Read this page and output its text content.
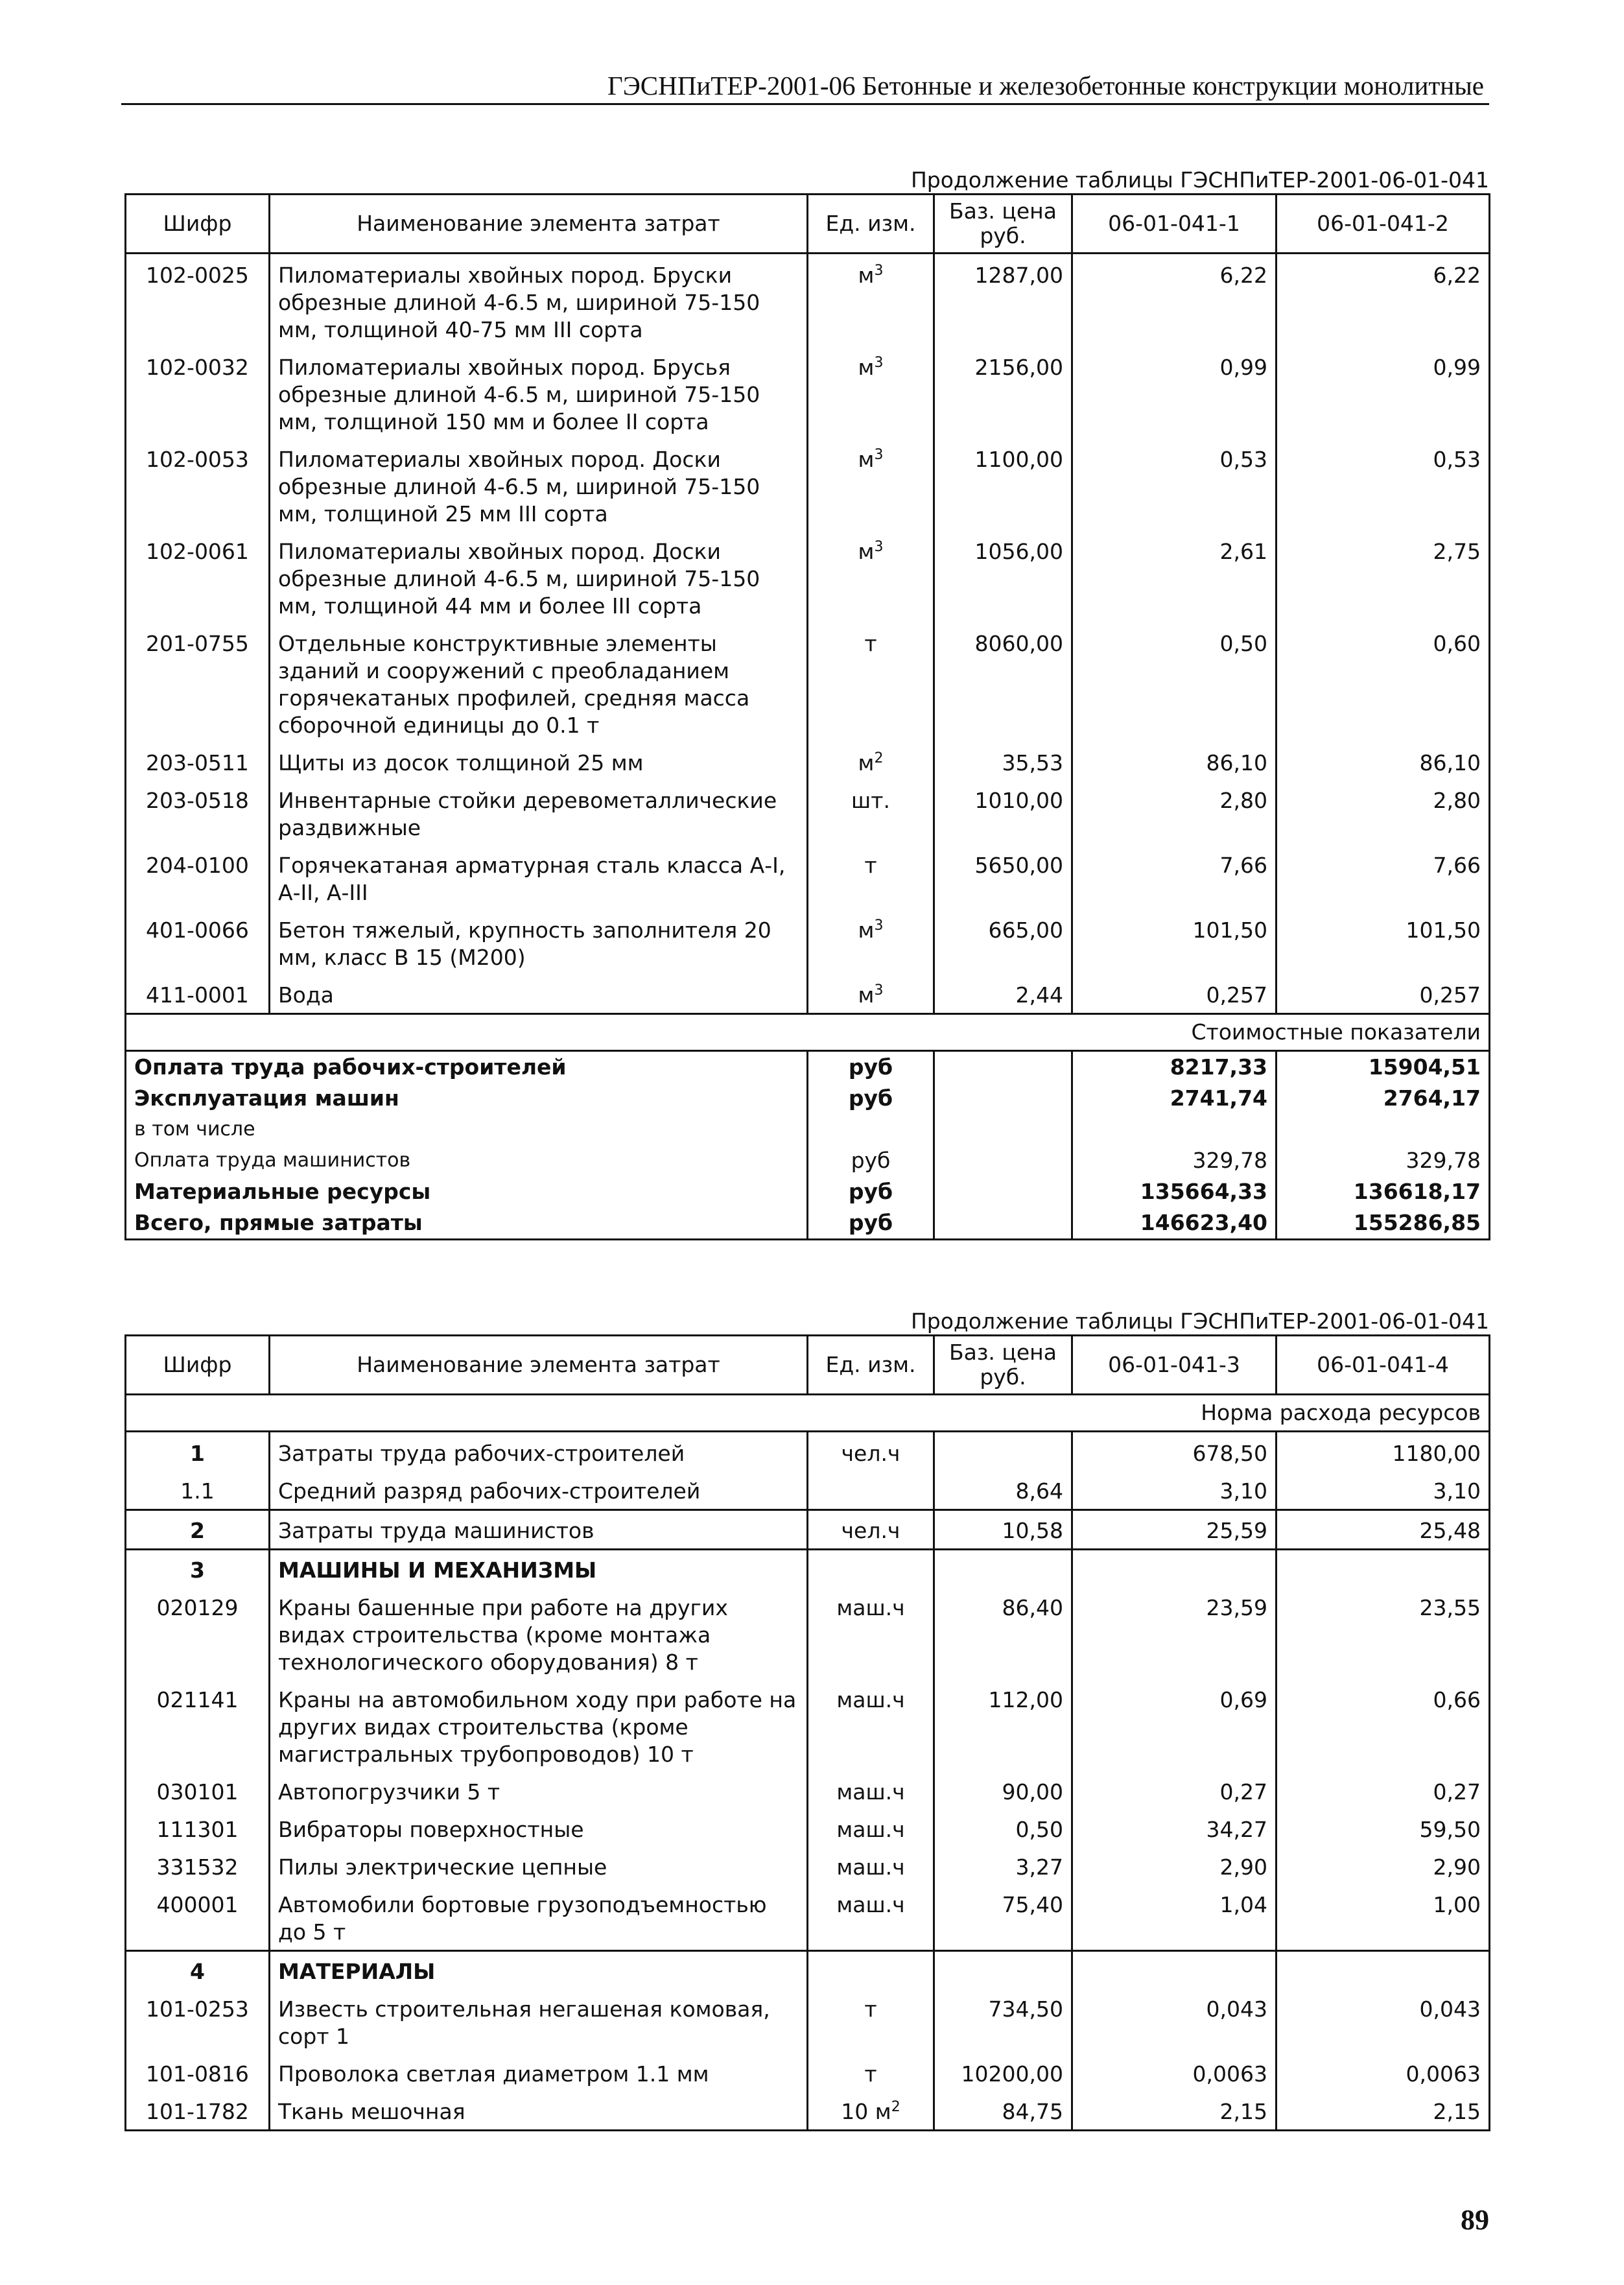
ГЭСНПиТЕР-2001-06 Бетонные и железобетонные конструкции монолитные
Продолжение таблицы ГЭСНПиТЕР-2001-06-01-041
Шифр	Наименование элемента затрат	Ед. изм.	Баз. цена руб.	06-01-041-1	06-01-041-2
102-0025	Пиломатериалы хвойных пород. Бруски обрезные длиной 4-6.5 м, шириной 75-150 мм, толщиной 40-75 мм III сорта	$м^3$	1287,00	6,22	6,22
102-0032	Пиломатериалы хвойных пород. Брусья обрезные длиной 4-6.5 м, шириной 75-150 мм, толщиной 150 мм и более II сорта	$м^3$	2156,00	0,99	0,99
102-0053	Пиломатериалы хвойных пород. Доски обрезные длиной 4-6.5 м, шириной 75-150 мм, толщиной 25 мм III сорта	$м^3$	1100,00	0,53	0,53
102-0061	Пиломатериалы хвойных пород. Доски обрезные длиной 4-6.5 м, шириной 75-150 мм, толщиной 44 мм и более III сорта	$м^3$	1056,00	2,61	2,75
201-0755	Отдельные конструктивные элементы зданий и сооружений с преобладанием горячекатаных профилей, средняя масса сборочной единицы до 0.1 т	т	8060,00	0,50	0,60
203-0511	Щиты из досок толщиной 25 мм	$м^2$	35,53	86,10	86,10
203-0518	Инвентарные стойки деревометаллические раздвижные	шт.	1010,00	2,80	2,80
204-0100	Горячекатаная арматурная сталь класса А-I, А-II, А-III	т	5650,00	7,66	7,66
401-0066	Бетон тяжелый, крупность заполнителя 20 мм, класс В 15 (М200)	$м^3$	665,00	101,50	101,50
411-0001	Вода	$м^3$	2,44	0,257	0,257
Стоимостные показатели					
Оплата труда рабочих-строителей		руб		8217,33	15904,51
Эксплуатация машин		руб		2741,74	2764,17
в том числе					
Оплата труда машинистов		руб		329,78	329,78
Материальные ресурсы		руб		135664,33	136618,17
Всего, прямые затраты		руб		146623,40	155286,85
Продолжение таблицы ГЭСНПиТЕР-2001-06-01-041
Шифр	Наименование элемента затрат	Ед. изм.	Баз. цена руб.	06-01-041-3	06-01-041-4
Норма расхода ресурсов					
1	Затраты труда рабочих-строителей	чел.ч		678,50	1180,00
1.1	Средний разряд рабочих-строителей		8,64	3,10	3,10
2	Затраты труда машинистов	чел.ч	10,58	25,59	25,48
3	МАШИНЫ И МЕХАНИЗМЫ				
020129	Краны башенные при работе на других видах строительства (кроме монтажа технологического оборудования) 8 т	маш.ч	86,40	23,59	23,55
021141	Краны на автомобильном ходу при работе на других видах строительства (кроме магистральных трубопроводов) 10 т	маш.ч	112,00	0,69	0,66
030101	Автопогрузчики 5 т	маш.ч	90,00	0,27	0,27
111301	Вибраторы поверхностные	маш.ч	0,50	34,27	59,50
331532	Пилы электрические цепные	маш.ч	3,27	2,90	2,90
400001	Автомобили бортовые грузоподъемностью до 5 т	маш.ч	75,40	1,04	1,00
4	МАТЕРИАЛЫ				
101-0253	Известь строительная негашеная комовая, сорт 1	т	734,50	0,043	0,043
101-0816	Проволока светлая диаметром 1.1 мм	т	10200,00	0,0063	0,0063
101-1782	Ткань мешочная	10 $м^2$	84,75	2,15	2,15
89
